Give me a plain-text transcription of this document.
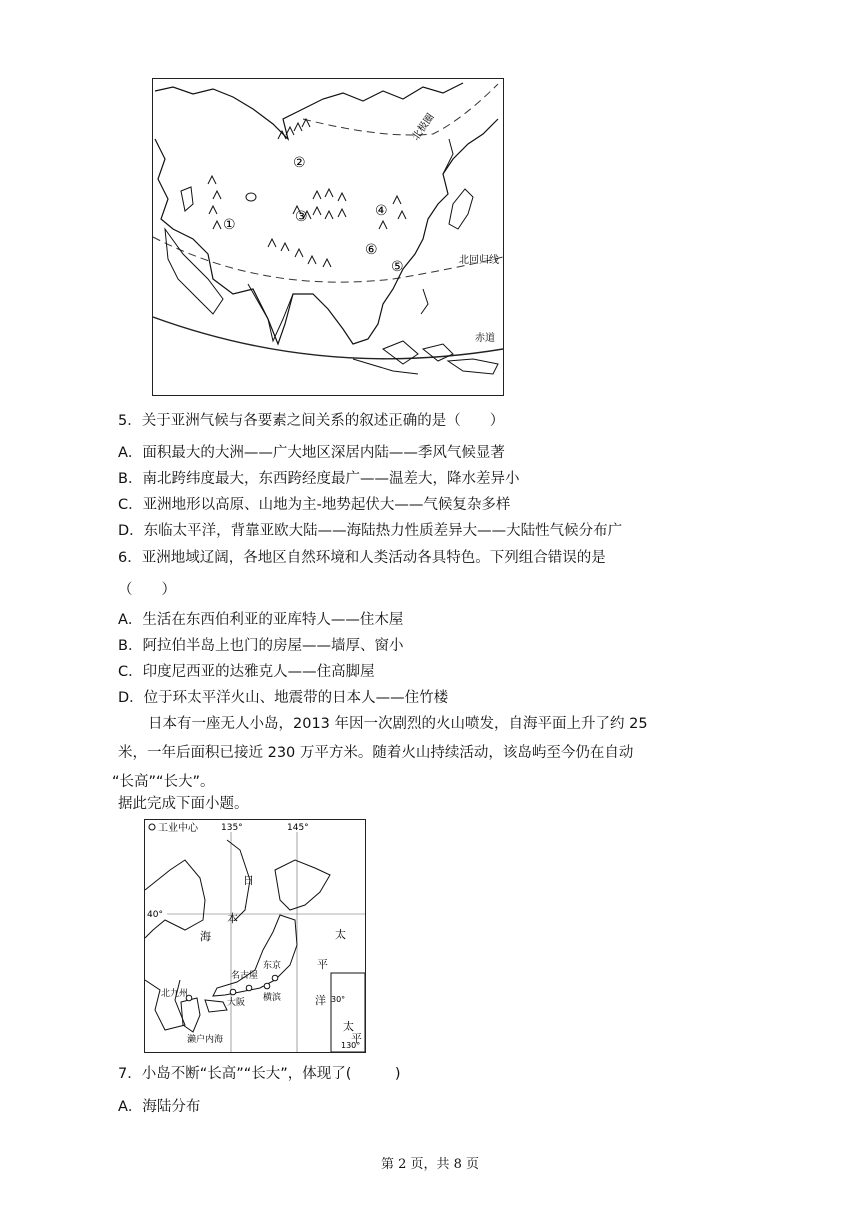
①
②
③	④
⑥
⑤
北极圈
北回归线
赤道
5．关于亚洲气候与各要素之间关系的叙述正确的是（　　）
A．面积最大的大洲——广大地区深居内陆——季风气候显著
B．南北跨纬度最大，东西跨经度最广——温差大，降水差异小
C．亚洲地形以高原、山地为主-地势起伏大——气候复杂多样
D．东临太平洋，背靠亚欧大陆——海陆热力性质差异大——大陆性气候分布广
6．亚洲地域辽阔，各地区自然环境和人类活动各具特色。下列组合错误的是
（　　）
A．生活在东西伯利亚的亚库特人——住木屋
B．阿拉伯半岛上也门的房屋——墙厚、窗小
C．印度尼西亚的达雅克人——住高脚屋
D．位于环太平洋火山、地震带的日本人——住竹楼
日本有一座无人小岛，2013 年因一次剧烈的火山喷发，自海平面上升了约 25
米，一年后面积已接近 230 万平方米。随着火山持续活动，该岛屿至今仍在自动
“长高”“长大”。
据此完成下面小题。
工业中心	135°	145°
40°
30°
130°
太
平
日
本
海	太
平
洋
东京
名古屋
横滨
大阪
北九州
濑户内海
7．小岛不断“长高”“长大”，体现了(　　　)
A．海陆分布
第 2 页，共 8 页
